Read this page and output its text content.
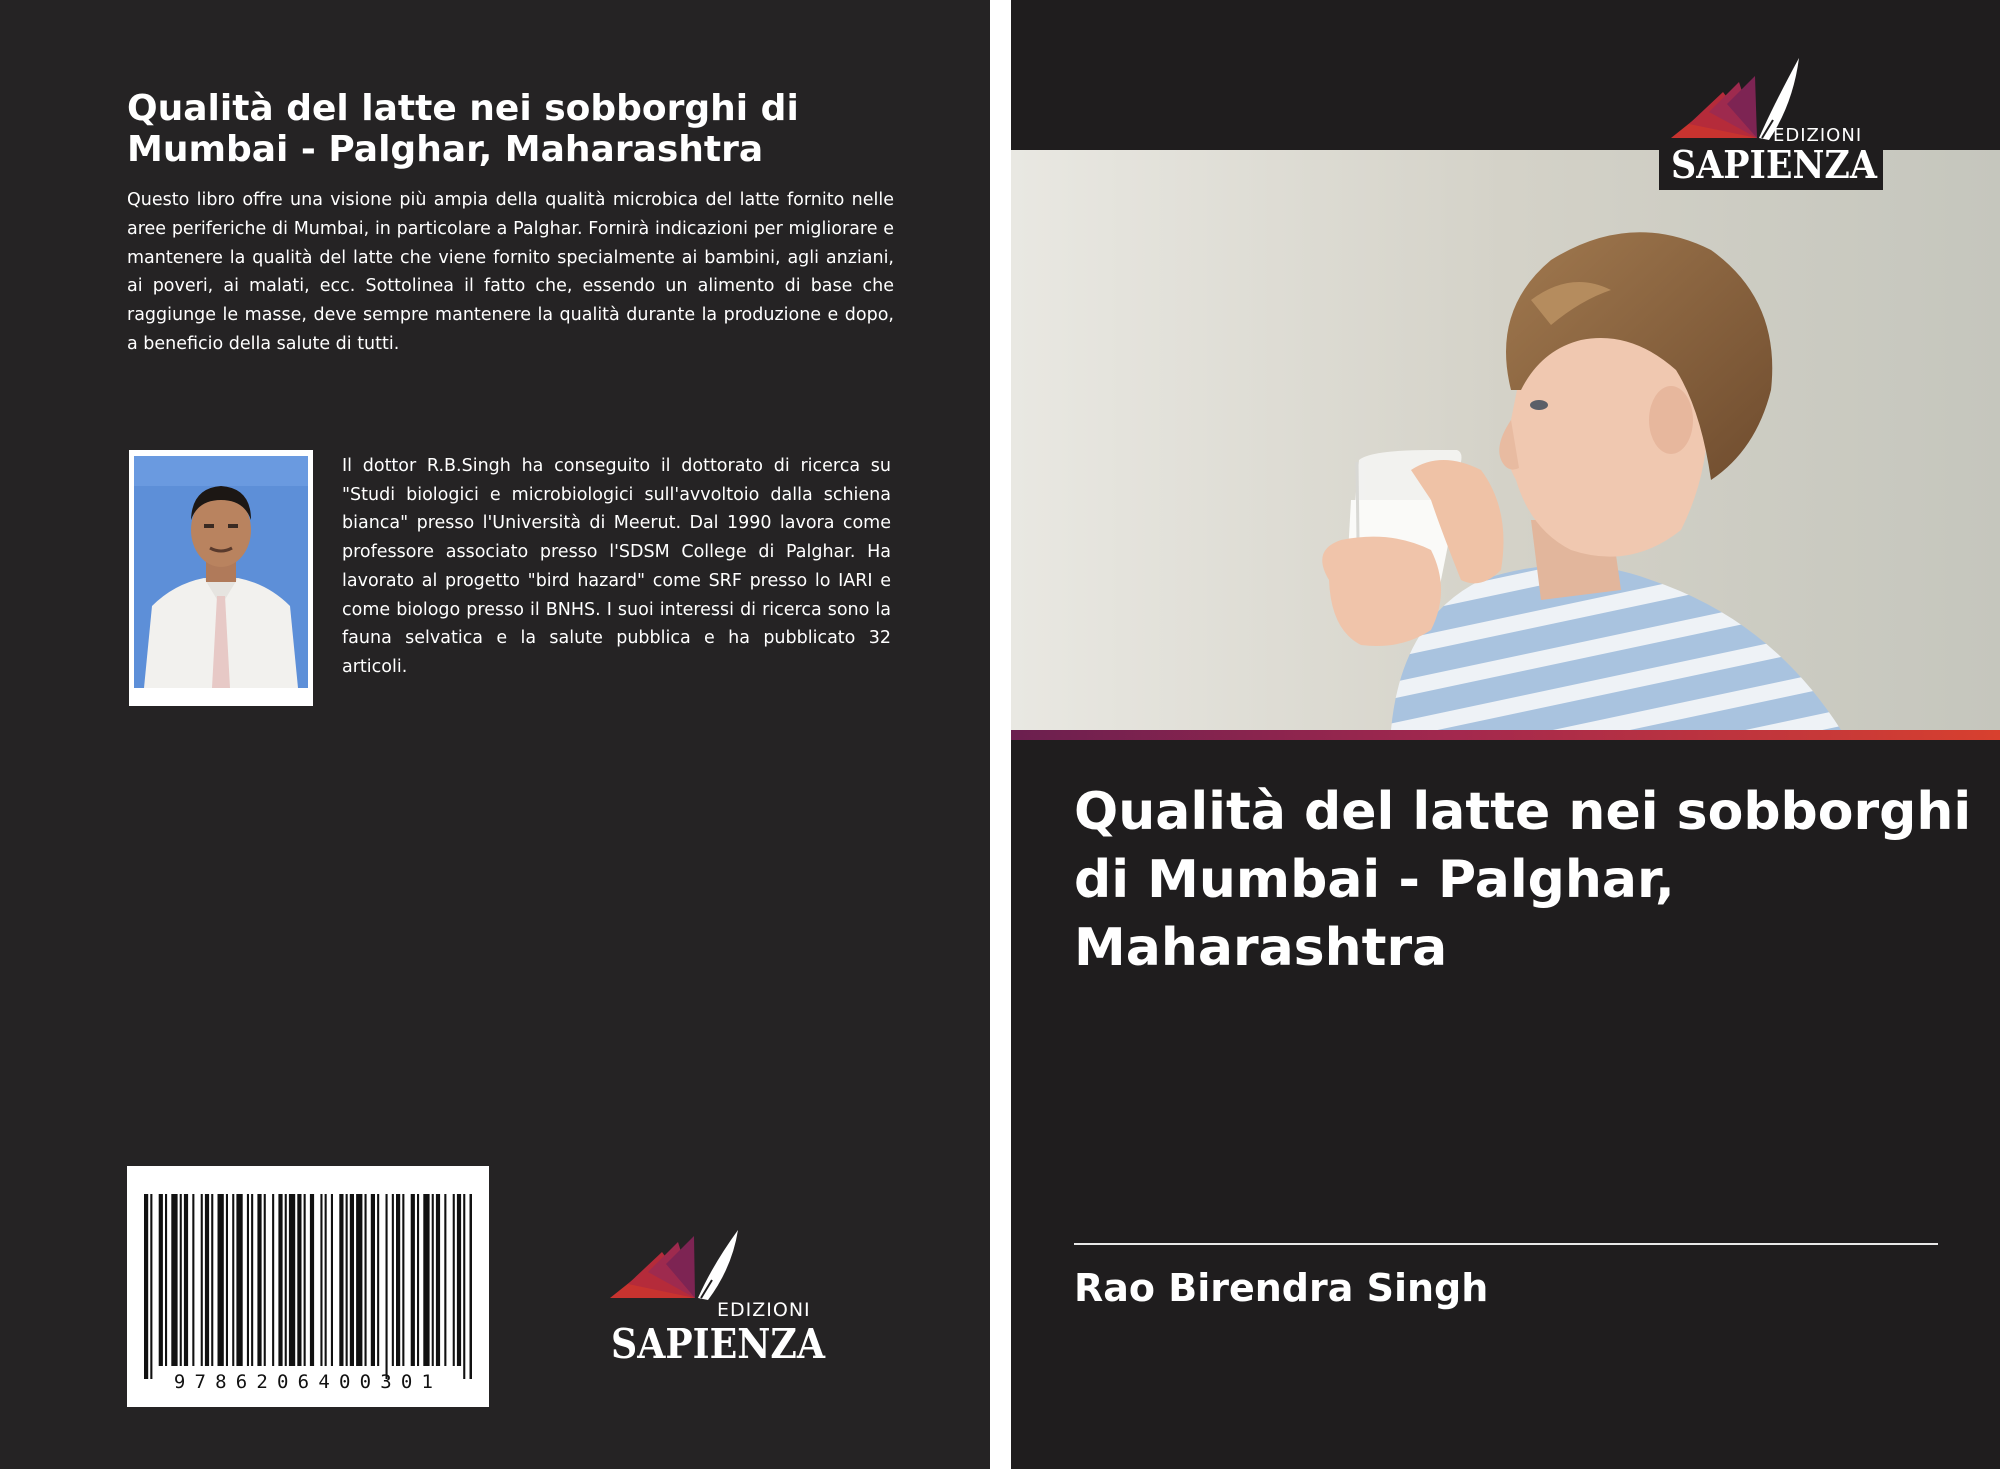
Qualità del latte nei sobborghi di Mumbai - Palghar, Maharashtra

Questo libro offre una visione più ampia della qualità microbica del latte fornito nelle aree periferiche di Mumbai, in particolare a Palghar. Fornirà indicazioni per migliorare e mantenere la qualità del latte che viene fornito specialmente ai bambini, agli anziani, ai poveri, ai malati, ecc. Sottolinea il fatto che, essendo un alimento di base che raggiunge le masse, deve sempre mantenere la qualità durante la produzione e dopo, a beneficio della salute di tutti.

Il dottor R.B.Singh ha conseguito il dottorato di ricerca su "Studi biologici e microbiologici sull'avvoltoio dalla schiena bianca" presso l'Università di Meerut. Dal 1990 lavora come professore associato presso l'SDSM College di Palghar. Ha lavorato al progetto "bird hazard" come SRF presso lo IARI e come biologo presso il BNHS. I suoi interessi di ricerca sono la fauna selvatica e la salute pubblica e ha pubblicato 32 articoli.

9786206400301
EDIZIONI
SAPIENZA
EDIZIONI
SAPIENZA
Qualità del latte nei sobborghi di Mumbai - Palghar, Maharashtra
Rao Birendra Singh
